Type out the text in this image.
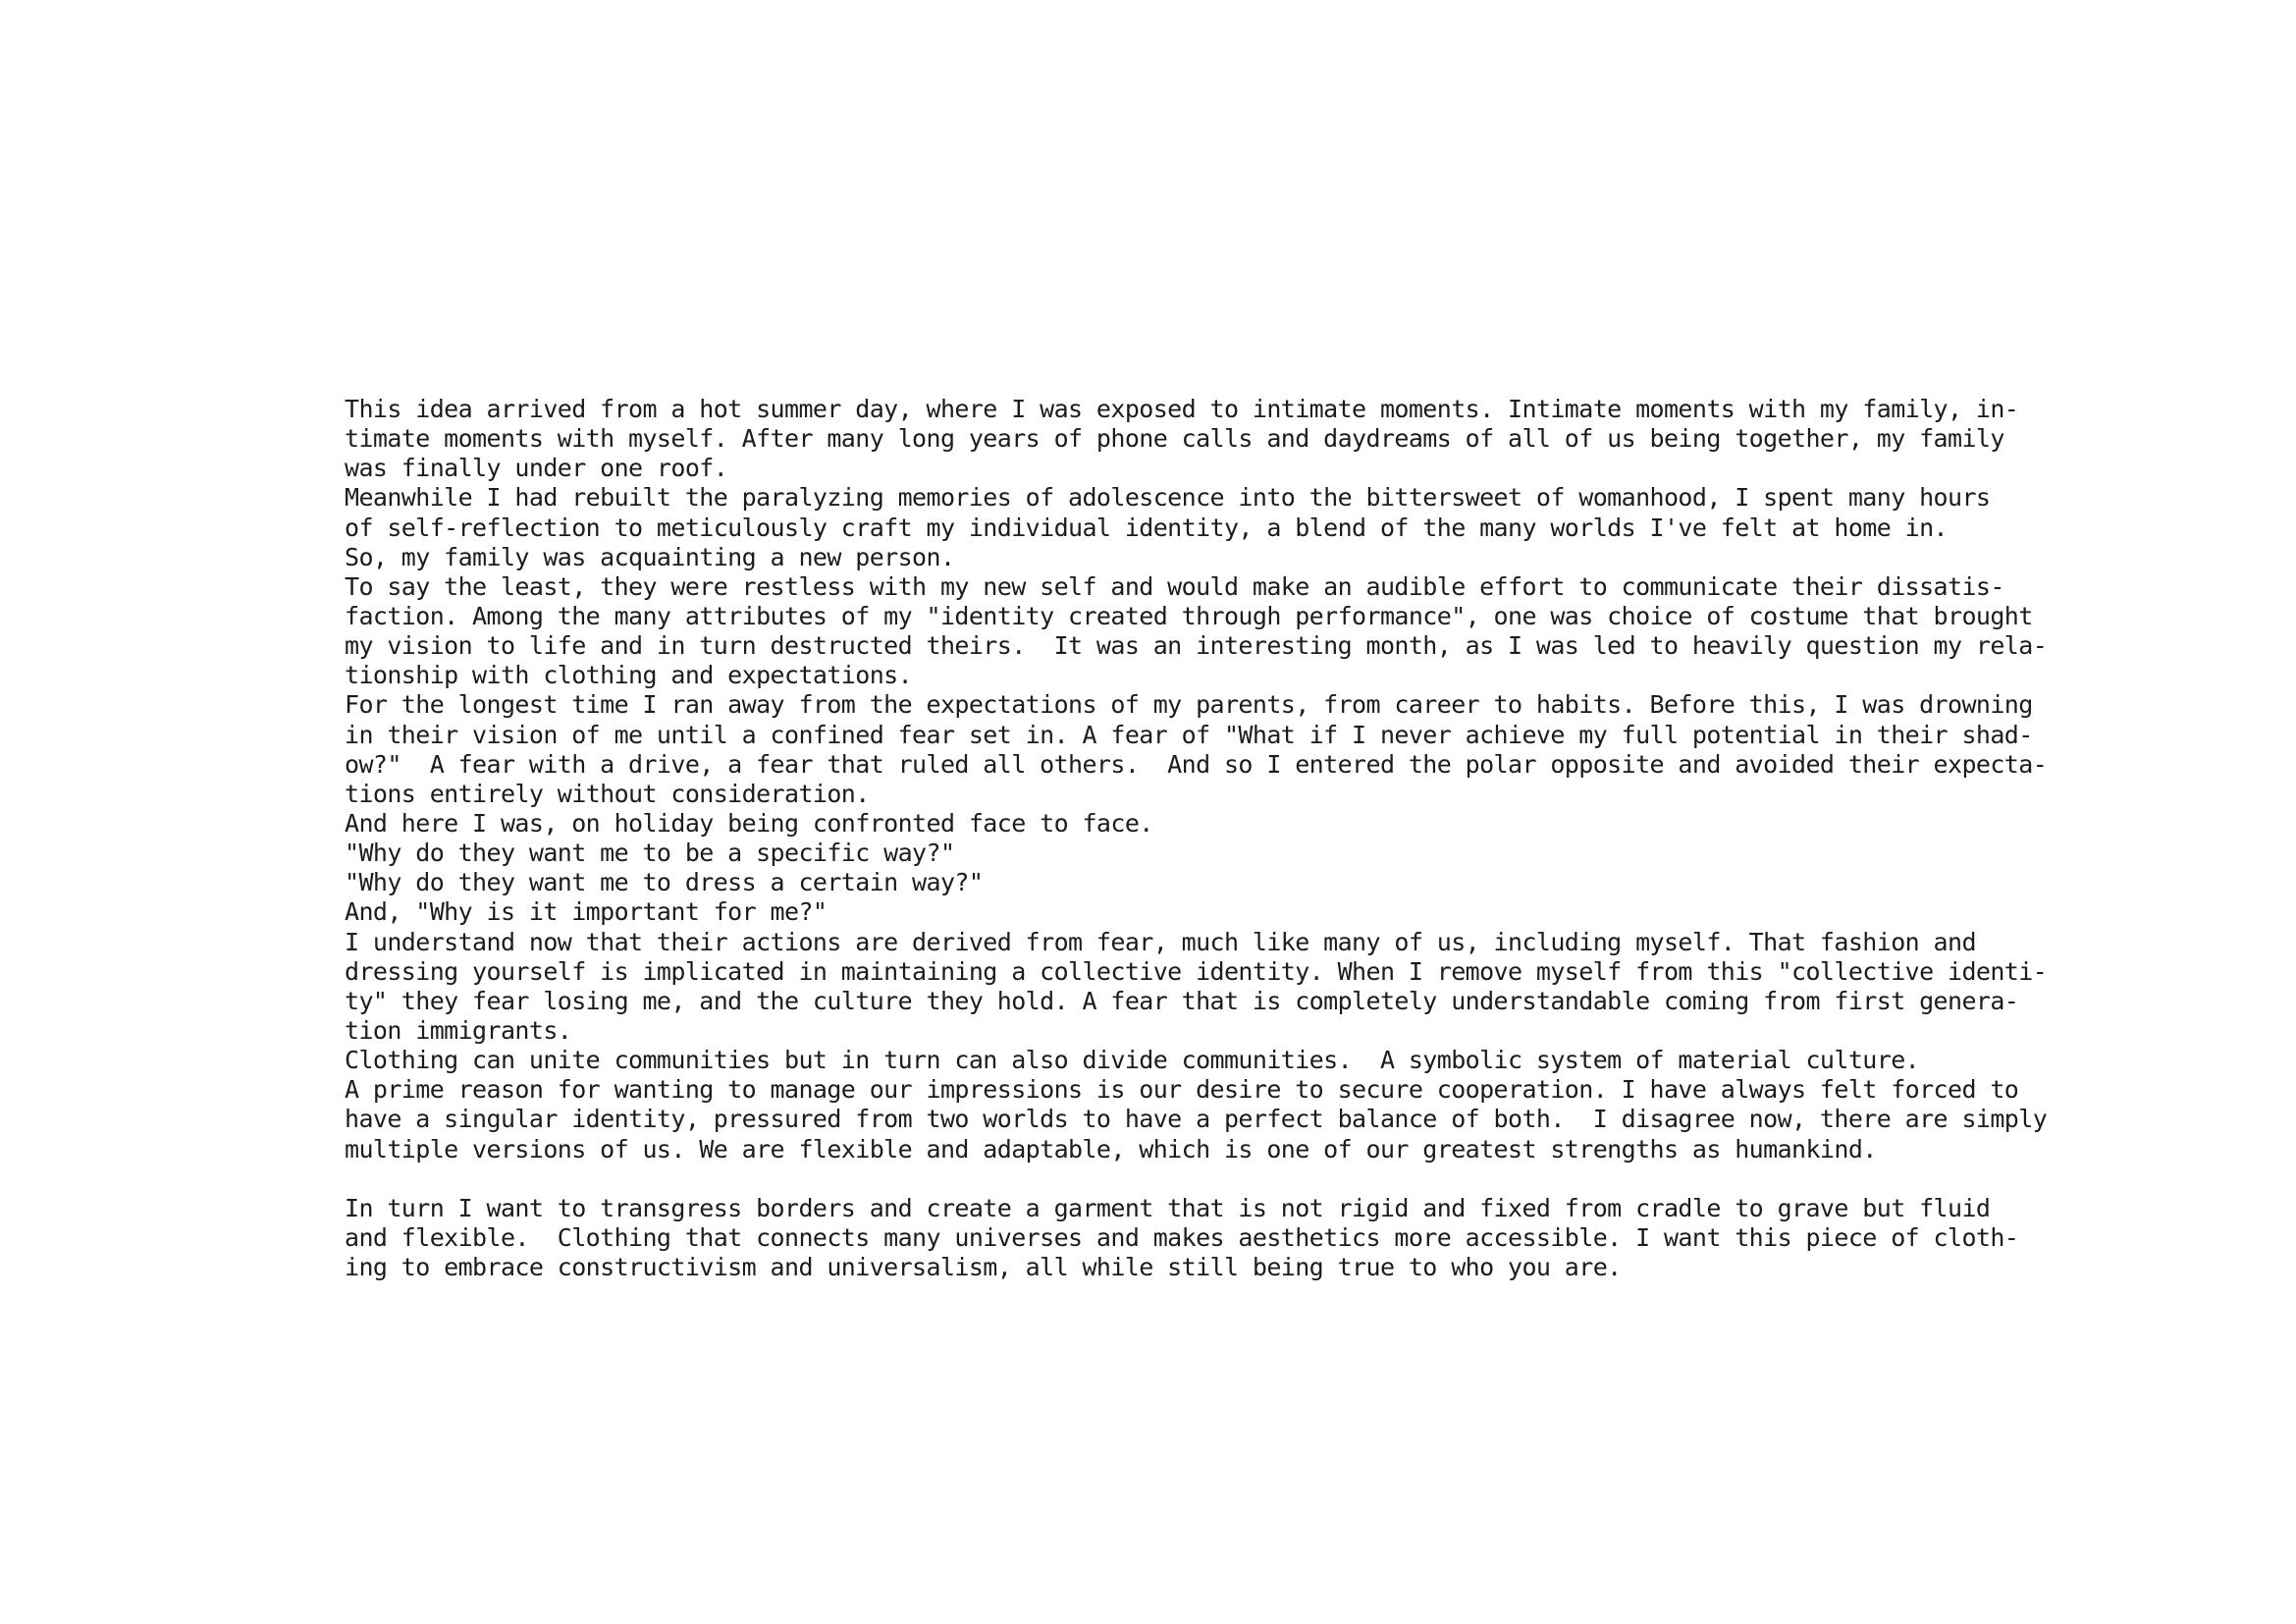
This idea arrived from a hot summer day, where I was exposed to intimate moments. Intimate moments with my family, in-
timate moments with myself. After many long years of phone calls and daydreams of all of us being together, my family
was finally under one roof.
Meanwhile I had rebuilt the paralyzing memories of adolescence into the bittersweet of womanhood, I spent many hours
of self-reflection to meticulously craft my individual identity, a blend of the many worlds I've felt at home in.
So, my family was acquainting a new person.
To say the least, they were restless with my new self and would make an audible effort to communicate their dissatis-
faction. Among the many attributes of my "identity created through performance", one was choice of costume that brought
my vision to life and in turn destructed theirs.  It was an interesting month, as I was led to heavily question my rela-
tionship with clothing and expectations.
For the longest time I ran away from the expectations of my parents, from career to habits. Before this, I was drowning
in their vision of me until a confined fear set in. A fear of "What if I never achieve my full potential in their shad-
ow?"  A fear with a drive, a fear that ruled all others.  And so I entered the polar opposite and avoided their expecta-
tions entirely without consideration.
And here I was, on holiday being confronted face to face.
"Why do they want me to be a specific way?"
"Why do they want me to dress a certain way?"
And, "Why is it important for me?"
I understand now that their actions are derived from fear, much like many of us, including myself. That fashion and
dressing yourself is implicated in maintaining a collective identity. When I remove myself from this "collective identi-
ty" they fear losing me, and the culture they hold. A fear that is completely understandable coming from first genera-
tion immigrants.
Clothing can unite communities but in turn can also divide communities.  A symbolic system of material culture.
A prime reason for wanting to manage our impressions is our desire to secure cooperation. I have always felt forced to
have a singular identity, pressured from two worlds to have a perfect balance of both.  I disagree now, there are simply
multiple versions of us. We are flexible and adaptable, which is one of our greatest strengths as humankind.
In turn I want to transgress borders and create a garment that is not rigid and fixed from cradle to grave but fluid
and flexible.  Clothing that connects many universes and makes aesthetics more accessible. I want this piece of cloth-
ing to embrace constructivism and universalism, all while still being true to who you are.
